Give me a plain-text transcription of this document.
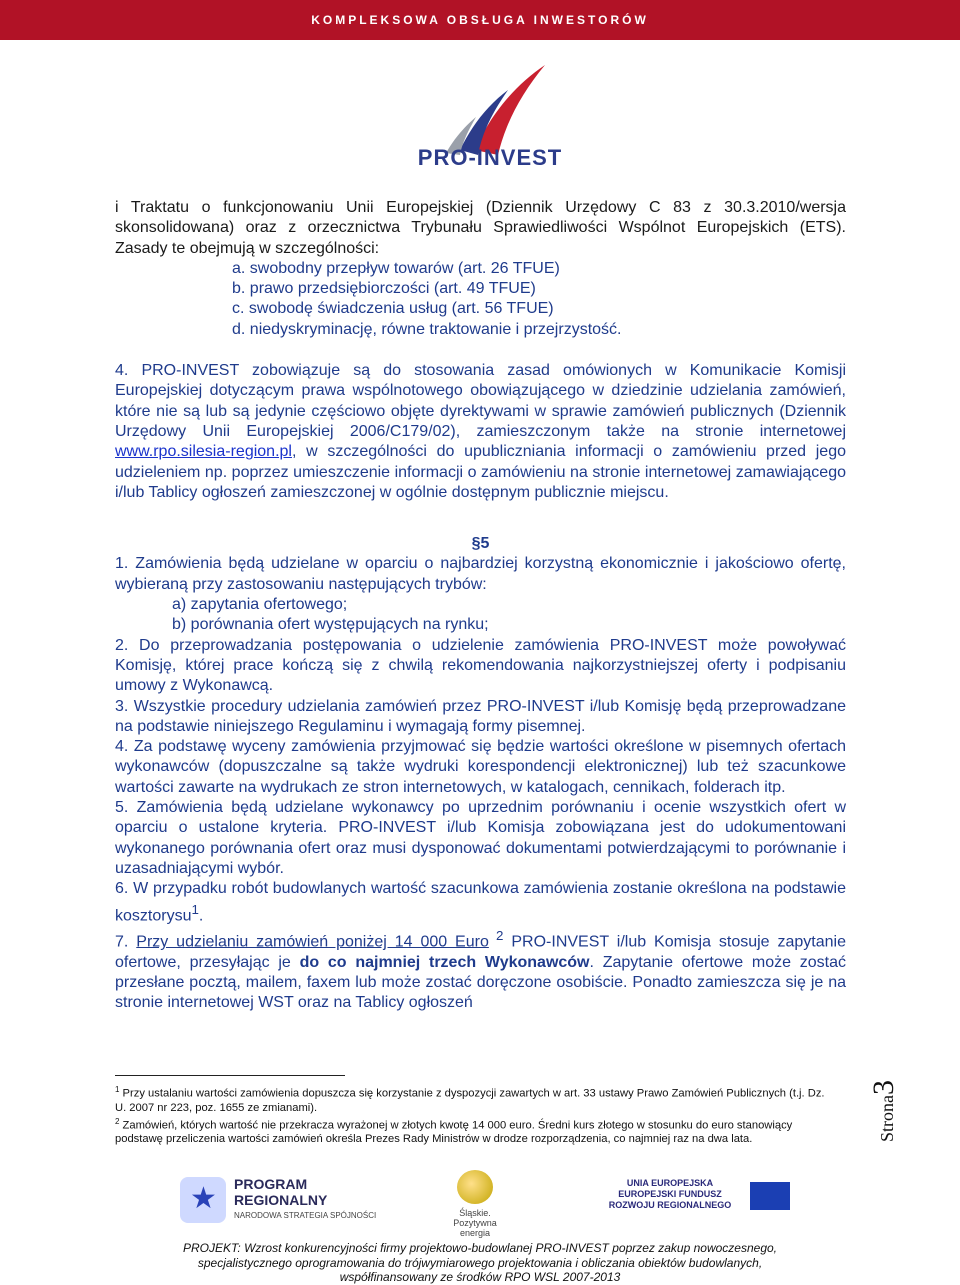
KOMPLEKSOWA OBSŁUGA INWESTORÓW
PRO-INVEST

i Traktatu o funkcjonowaniu Unii Europejskiej (Dziennik Urzędowy C 83 z 30.3.2010/wersja skonsolidowana) oraz z orzecznictwa Trybunału Sprawiedliwości Wspólnot Europejskich (ETS). Zasady te obejmują w szczególności:

a. swobodny przepływ towarów (art. 26 TFUE)

b. prawo przedsiębiorczości (art. 49 TFUE)

c. swobodę świadczenia usług (art. 56 TFUE)

d. niedyskryminację, równe traktowanie i przejrzystość.

4. PRO-INVEST zobowiązuje są do stosowania zasad omówionych w Komunikacie Komisji Europejskiej dotyczącym prawa wspólnotowego obowiązującego w dziedzinie udzielania zamówień, które nie są lub są jedynie częściowo objęte dyrektywami w sprawie zamówień publicznych (Dziennik Urzędowy Unii Europejskiej 2006/C179/02), zamieszczonym także na stronie internetowej www.rpo.silesia-region.pl, w szczególności do upubliczniania informacji o zamówieniu przed jego udzieleniem np. poprzez umieszczenie informacji o zamówieniu na stronie internetowej zamawiającego i/lub Tablicy ogłoszeń zamieszczonej w ogólnie dostępnym publicznie miejscu.

§5

1. Zamówienia będą udzielane w oparciu o najbardziej korzystną ekonomicznie i jakościowo ofertę, wybieraną przy zastosowaniu następujących trybów:

a) zapytania ofertowego;

b) porównania ofert występujących na rynku;

2. Do przeprowadzania postępowania o udzielenie zamówienia PRO-INVEST może powoływać Komisję, której prace kończą się z chwilą rekomendowania najkorzystniejszej oferty i podpisaniu umowy z Wykonawcą.

3. Wszystkie procedury udzielania zamówień przez PRO-INVEST i/lub Komisję będą przeprowadzane na podstawie niniejszego Regulaminu i wymagają formy pisemnej.

4. Za podstawę wyceny zamówienia przyjmować się będzie wartości określone w pisemnych ofertach wykonawców (dopuszczalne są także wydruki korespondencji elektronicznej) lub też szacunkowe wartości zawarte na wydrukach ze stron internetowych, w katalogach, cennikach, folderach itp.

5. Zamówienia będą udzielane wykonawcy po uprzednim porównaniu i ocenie wszystkich ofert w oparciu o ustalone kryteria. PRO-INVEST i/lub Komisja zobowiązana jest do udokumentowani wykonanego porównania ofert oraz musi dysponować dokumentami potwierdzającymi to porównanie i uzasadniającymi wybór.

6. W przypadku robót budowlanych wartość szacunkowa zamówienia zostanie określona na podstawie kosztorysu$^1$.

7. Przy udzielaniu zamówień poniżej 14 000 Euro $^2$ PRO-INVEST i/lub Komisja stosuje zapytanie ofertowe, przesyłając je do co najmniej trzech Wykonawców. Zapytanie ofertowe może zostać przesłane pocztą, mailem, faxem lub może zostać doręczone osobiście. Ponadto zamieszcza się je na stronie internetowej WST oraz na Tablicy ogłoszeń

$^1$ Przy ustalaniu wartości zamówienia dopuszcza się korzystanie z dyspozycji zawartych w art. 33 ustawy Prawo Zamówień Publicznych (t.j. Dz. U. 2007 nr 223, poz. 1655 ze zmianami).
$^2$ Zamówień, których wartość nie przekracza wyrażonej w złotych kwotę 14 000 euro. Średni kurs złotego w stosunku do euro stanowiący podstawę przeliczenia wartości zamówień określa Prezes Rady Ministrów w drodze rozporządzenia, co najmniej raz na dwa lata.	Strona3
★
PROGRAM
REGIONALNY
NARODOWA STRATEGIA SPÓJNOŚCI	Śląskie. Pozytywna energia
UNIA EUROPEJSKA
EUROPEJSKI FUNDUSZ
ROZWOJU REGIONALNEGO
PROJEKT: Wzrost konkurencyjności firmy projektowo-budowlanej PRO-INVEST poprzez zakup nowoczesnego,
specjalistycznego oprogramowania do trójwymiarowego projektowania i obliczania obiektów budowlanych,
współfinansowany ze środków RPO WSL 2007-2013
